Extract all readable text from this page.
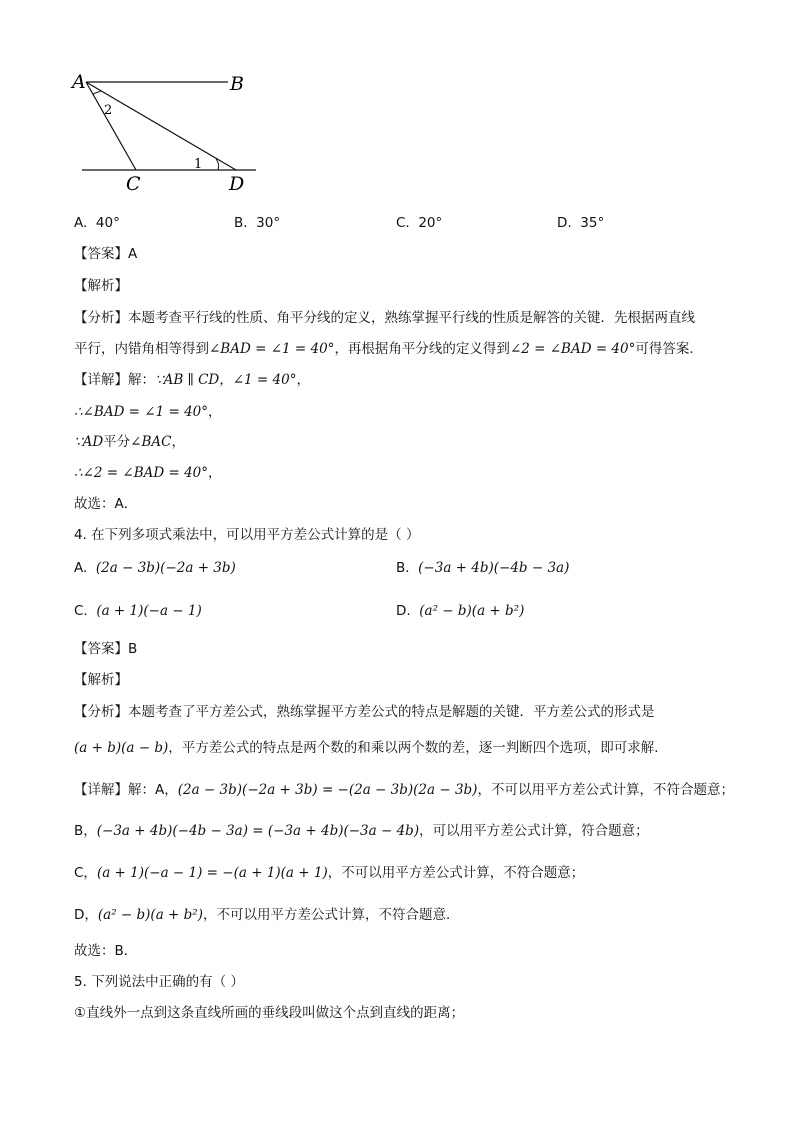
A	B
C	D
2
1
A. 40°	B. 30°	C. 20°	D. 35°
【答案】A
【解析】
【分析】本题考查平行线的性质、角平分线的定义，熟练掌握平行线的性质是解答的关键．先根据两直线
平行，内错角相等得到∠BAD = ∠1 = 40°，再根据角平分线的定义得到∠2 = ∠BAD = 40°可得答案．
【详解】解：∵AB ∥ CD，∠1 = 40°，
∴∠BAD = ∠1 = 40°，
∵AD平分∠BAC，
∴∠2 = ∠BAD = 40°，
故选：A．
4. 在下列多项式乘法中，可以用平方差公式计算的是（ ）
A. (2a − 3b)(−2a + 3b)	B. (−3a + 4b)(−4b − 3a)
C. (a + 1)(−a − 1)	D. (a² − b)(a + b²)
【答案】B
【解析】
【分析】本题考查了平方差公式，熟练掌握平方差公式的特点是解题的关键．平方差公式的形式是
(a + b)(a − b)，平方差公式的特点是两个数的和乘以两个数的差，逐一判断四个选项，即可求解．
【详解】解：A，(2a − 3b)(−2a + 3b) = −(2a − 3b)(2a − 3b)，不可以用平方差公式计算，不符合题意；
B，(−3a + 4b)(−4b − 3a) = (−3a + 4b)(−3a − 4b)，可以用平方差公式计算，符合题意；
C，(a + 1)(−a − 1) = −(a + 1)(a + 1)，不可以用平方差公式计算，不符合题意；
D，(a² − b)(a + b²)，不可以用平方差公式计算，不符合题意．
故选：B．
5. 下列说法中正确的有（ ）
①直线外一点到这条直线所画的垂线段叫做这个点到直线的距离；
